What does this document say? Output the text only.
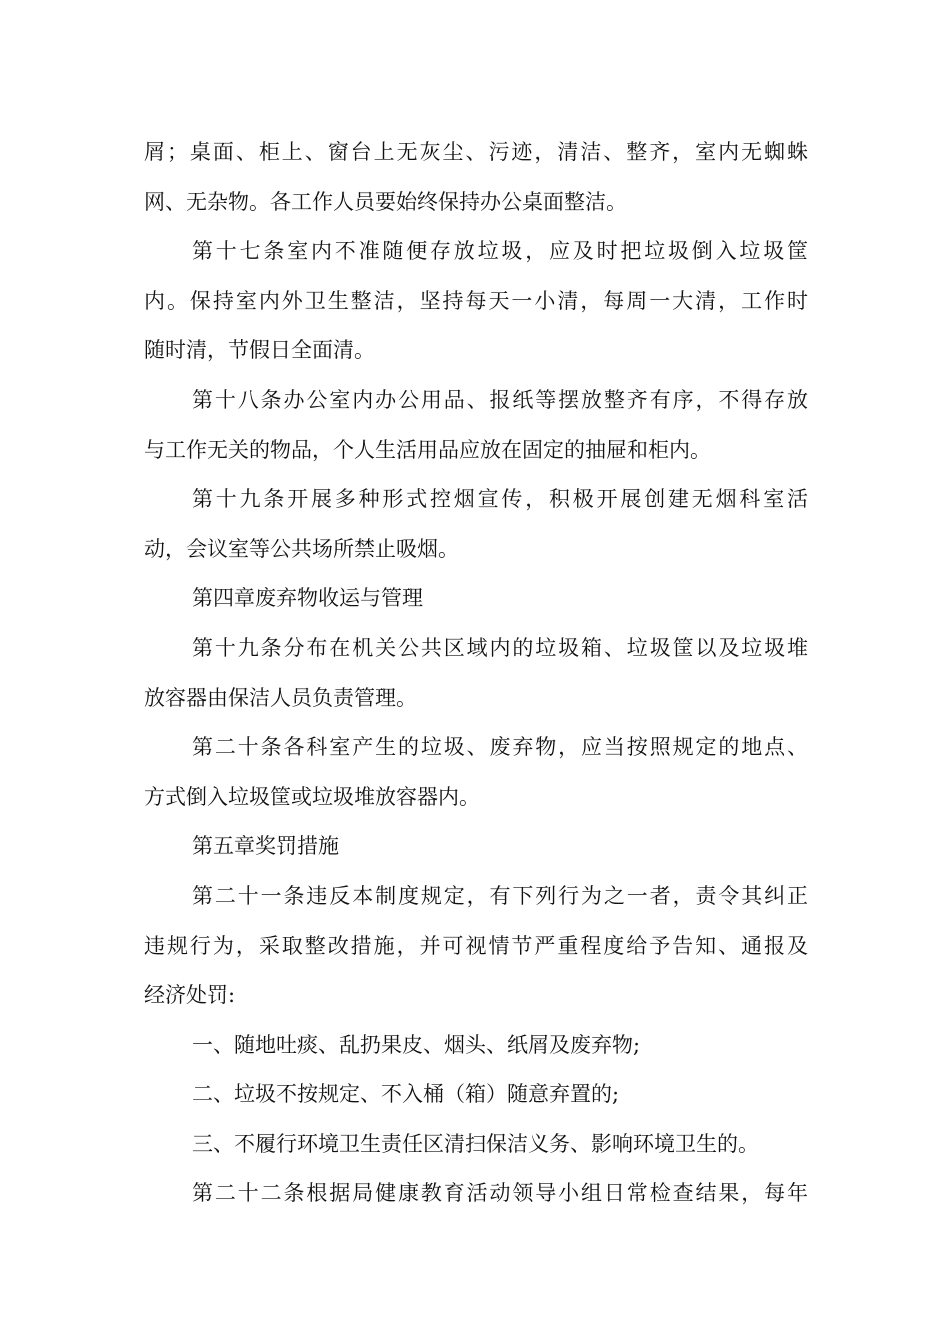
屑；桌面、柜上、窗台上无灰尘、污迹，清洁、整齐，室内无蜘蛛
网、无杂物。各工作人员要始终保持办公桌面整洁。
第十七条室内不准随便存放垃圾，应及时把垃圾倒入垃圾筐
内。保持室内外卫生整洁，坚持每天一小清，每周一大清，工作时
随时清，节假日全面清。
第十八条办公室内办公用品、报纸等摆放整齐有序，不得存放
与工作无关的物品，个人生活用品应放在固定的抽屉和柜内。
第十九条开展多种形式控烟宣传，积极开展创建无烟科室活
动，会议室等公共场所禁止吸烟。
第四章废弃物收运与管理
第十九条分布在机关公共区域内的垃圾箱、垃圾筐以及垃圾堆
放容器由保洁人员负责管理。
第二十条各科室产生的垃圾、废弃物，应当按照规定的地点、
方式倒入垃圾筐或垃圾堆放容器内。
第五章奖罚措施
第二十一条违反本制度规定，有下列行为之一者，责令其纠正
违规行为，采取整改措施，并可视情节严重程度给予告知、通报及
经济处罚:
一、随地吐痰、乱扔果皮、烟头、纸屑及废弃物;
二、垃圾不按规定、不入桶（箱）随意弃置的;
三、不履行环境卫生责任区清扫保洁义务、影响环境卫生的。
第二十二条根据局健康教育活动领导小组日常检查结果，每年
